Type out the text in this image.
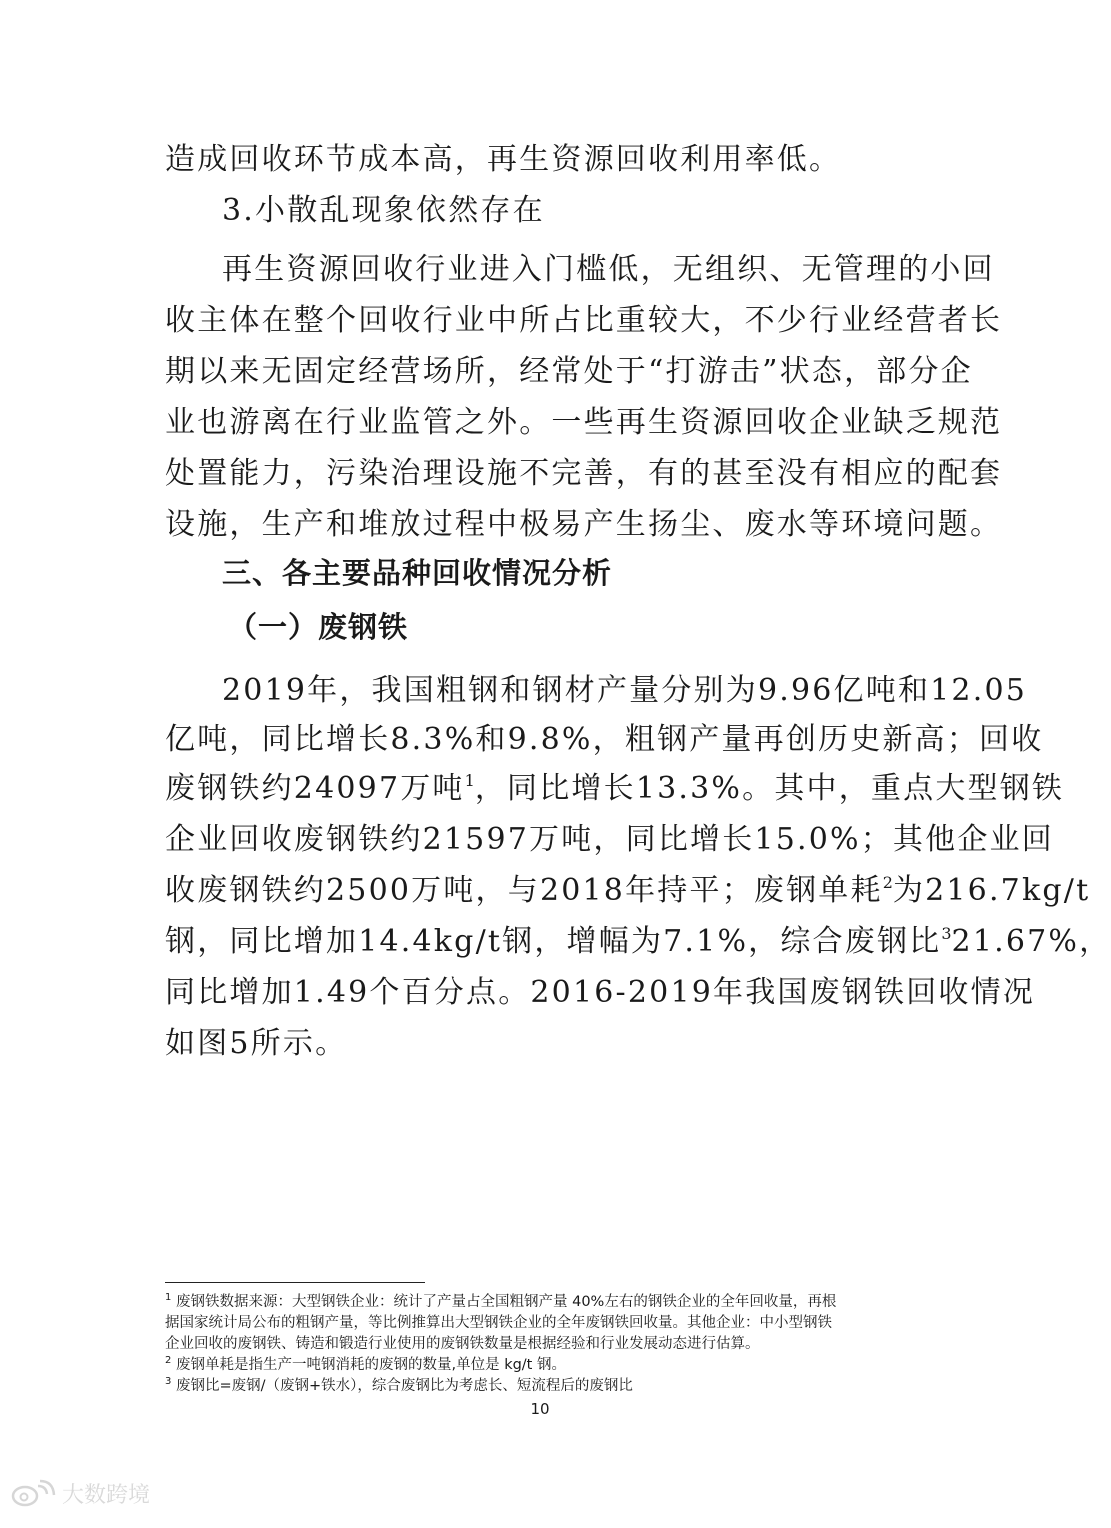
造成回收环节成本高，再生资源回收利用率低。
3.小散乱现象依然存在
再生资源回收行业进入门槛低，无组织、无管理的小回
收主体在整个回收行业中所占比重较大，不少行业经营者长
期以来无固定经营场所，经常处于“打游击”状态，部分企
业也游离在行业监管之外。一些再生资源回收企业缺乏规范
处置能力，污染治理设施不完善，有的甚至没有相应的配套
设施，生产和堆放过程中极易产生扬尘、废水等环境问题。
三、各主要品种回收情况分析
（一）废钢铁
2019年，我国粗钢和钢材产量分别为9.96亿吨和12.05
亿吨，同比增长8.3%和9.8%，粗钢产量再创历史新高；回收
废钢铁约24097万吨$^1$，同比增长13.3%。其中，重点大型钢铁
企业回收废钢铁约21597万吨，同比增长15.0%；其他企业回
收废钢铁约2500万吨，与2018年持平；废钢单耗$^2$为216.7kg/t
钢，同比增加14.4kg/t钢，增幅为7.1%，综合废钢比$^3$21.67%，
同比增加1.49个百分点。2016-2019年我国废钢铁回收情况
如图5所示。
$^1$ 废钢铁数据来源：大型钢铁企业：统计了产量占全国粗钢产量 40%左右的钢铁企业的全年回收量，再根
据国家统计局公布的粗钢产量，等比例推算出大型钢铁企业的全年废钢铁回收量。其他企业：中小型钢铁
企业回收的废钢铁、铸造和锻造行业使用的废钢铁数量是根据经验和行业发展动态进行估算。
$^2$ 废钢单耗是指生产一吨钢消耗的废钢的数量,单位是 kg/t 钢。
$^3$ 废钢比=废钢/（废钢+铁水），综合废钢比为考虑长、短流程后的废钢比
10
大数跨境
